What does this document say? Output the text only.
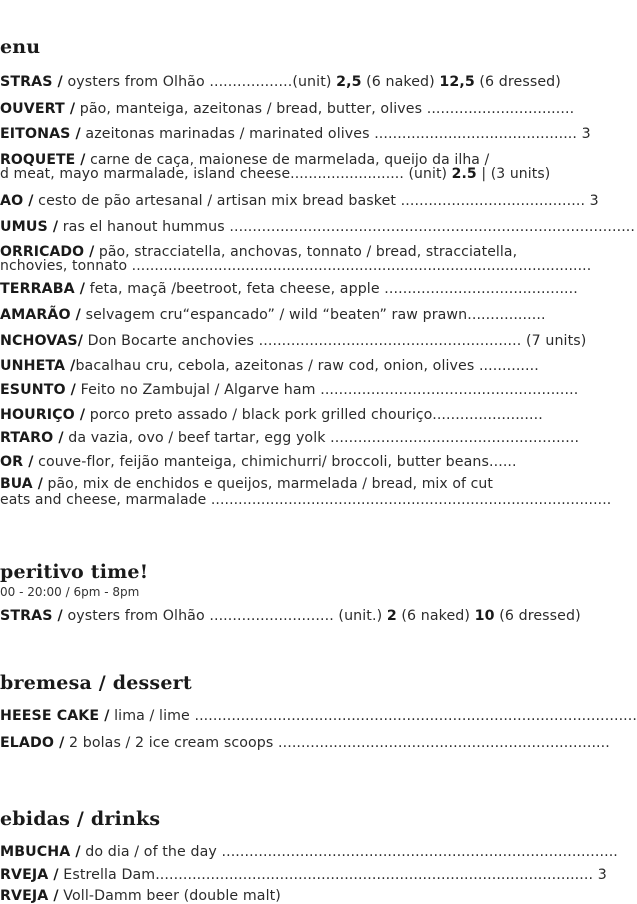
enu
STRAS / oysters from Olhão ..................(unit) 2,5 (6 naked) 12,5 (6 dressed)
OUVERT / pão, manteiga, azeitonas / bread, butter, olives ................................
EITONAS / azeitonas marinadas / marinated olives ............................................ 3
ROQUETE / carne de caça, maionese de marmelada, queijo da ilha /
d meat, mayo marmalade, island cheese......................... (unit) 2.5 | (3 units)
AO / cesto de pão artesanal / artisan mix bread basket ........................................ 3
UMUS / ras el hanout hummus ........................................................................................
ORRICADO / pão, stracciatella, anchovas, tonnato / bread, stracciatella,
nchovies, tonnato .....................................................................................................
TERRABA / feta, maçã /beetroot, feta cheese, apple ..........................................
AMARÃO / selvagem cru“espancado” / wild “beaten” raw prawn.................
NCHOVAS/ Don Bocarte anchovies ......................................................... (7 units)
UNHETA /bacalhau cru, cebola, azeitonas / raw cod, onion, olives .............
ESUNTO / Feito no Zambujal / Algarve ham ........................................................
HOURIÇO / porco preto assado / black pork grilled chouriço........................
RTARO / da vazia, ovo / beef tartar, egg yolk ......................................................
OR / couve-flor, feijão manteiga, chimichurri/ broccoli, butter beans......
BUA / pão, mix de enchidos e queijos, marmelada / bread, mix of cut
eats and cheese, marmalade ........................................................................................
peritivo time!
00 - 20:00 / 6pm - 8pm
STRAS / oysters from Olhão ........................... (unit.) 2 (6 naked) 10 (6 dressed)
bremesa / dessert
HEESE CAKE / lima / lime ................................................................................................
ELADO / 2 bolas / 2 ice cream scoops ........................................................................
ebidas / drinks
MBUCHA / do dia / of the day ......................................................................................
RVEJA / Estrella Dam............................................................................................... 3
RVEJA / Voll-Damm beer (double malt)
